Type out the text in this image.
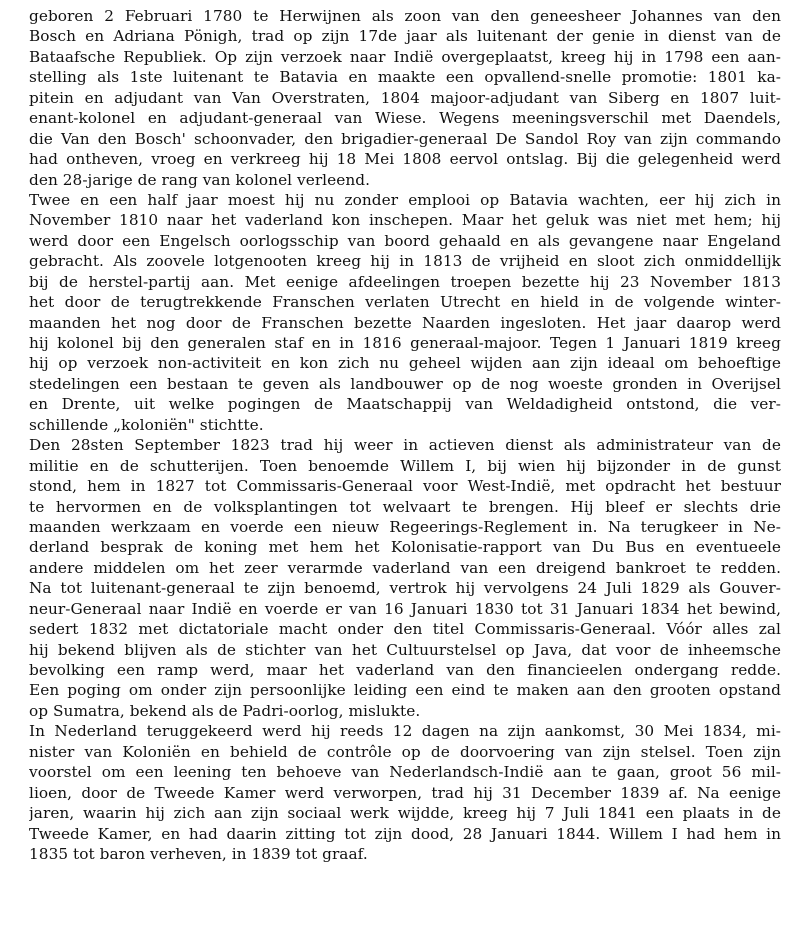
geboren 2 Februari 1780 te Herwijnen als zoon van den geneesheer Johannes van den
Bosch en Adriana Pönigh, trad op zijn 17de jaar als luitenant der genie in dienst van de
Bataafsche Republiek. Op zijn verzoek naar Indië overgeplaatst, kreeg hij in 1798 een aan-
stelling als 1ste luitenant te Batavia en maakte een opvallend-snelle promotie: 1801 ka-
pitein en adjudant van Van Overstraten, 1804 majoor-adjudant van Siberg en 1807 luit-
enant-kolonel en adjudant-generaal van Wiese. Wegens meeningsverschil met Daendels,
die Van den Bosch' schoonvader, den brigadier-generaal De Sandol Roy van zijn commando
had ontheven, vroeg en verkreeg hij 18 Mei 1808 eervol ontslag. Bij die gelegenheid werd
den 28-jarige de rang van kolonel verleend.
Twee en een half jaar moest hij nu zonder emplooi op Batavia wachten, eer hij zich in
November 1810 naar het vaderland kon inschepen. Maar het geluk was niet met hem; hij
werd door een Engelsch oorlogsschip van boord gehaald en als gevangene naar Engeland
gebracht. Als zoovele lotgenooten kreeg hij in 1813 de vrijheid en sloot zich onmiddellijk
bij de herstel-partij aan. Met eenige afdeelingen troepen bezette hij 23 November 1813
het door de terugtrekkende Franschen verlaten Utrecht en hield in de volgende winter-
maanden het nog door de Franschen bezette Naarden ingesloten. Het jaar daarop werd
hij kolonel bij den generalen staf en in 1816 generaal-majoor. Tegen 1 Januari 1819 kreeg
hij op verzoek non-activiteit en kon zich nu geheel wijden aan zijn ideaal om behoeftige
stedelingen een bestaan te geven als landbouwer op de nog woeste gronden in Overijsel
en Drente, uit welke pogingen de Maatschappij van Weldadigheid ontstond, die ver-
schillende „koloniën" stichtte.
Den 28sten September 1823 trad hij weer in actieven dienst als administrateur van de
militie en de schutterijen. Toen benoemde Willem I, bij wien hij bijzonder in de gunst
stond, hem in 1827 tot Commissaris-Generaal voor West-Indië, met opdracht het bestuur
te hervormen en de volksplantingen tot welvaart te brengen. Hij bleef er slechts drie
maanden werkzaam en voerde een nieuw Regeerings-Reglement in. Na terugkeer in Ne-
derland besprak de koning met hem het Kolonisatie-rapport van Du Bus en eventueele
andere middelen om het zeer verarmde vaderland van een dreigend bankroet te redden.
Na tot luitenant-generaal te zijn benoemd, vertrok hij vervolgens 24 Juli 1829 als Gouver-
neur-Generaal naar Indië en voerde er van 16 Januari 1830 tot 31 Januari 1834 het bewind,
sedert 1832 met dictatoriale macht onder den titel Commissaris-Generaal. Vóór alles zal
hij bekend blijven als de stichter van het Cultuurstelsel op Java, dat voor de inheemsche
bevolking een ramp werd, maar het vaderland van den financieelen ondergang redde.
Een poging om onder zijn persoonlijke leiding een eind te maken aan den grooten opstand
op Sumatra, bekend als de Padri-oorlog, mislukte.
In Nederland teruggekeerd werd hij reeds 12 dagen na zijn aankomst, 30 Mei 1834, mi-
nister van Koloniën en behield de contrôle op de doorvoering van zijn stelsel. Toen zijn
voorstel om een leening ten behoeve van Nederlandsch-Indië aan te gaan, groot 56 mil-
lioen, door de Tweede Kamer werd verworpen, trad hij 31 December 1839 af. Na eenige
jaren, waarin hij zich aan zijn sociaal werk wijdde, kreeg hij 7 Juli 1841 een plaats in de
Tweede Kamer, en had daarin zitting tot zijn dood, 28 Januari 1844. Willem I had hem in
1835 tot baron verheven, in 1839 tot graaf.
